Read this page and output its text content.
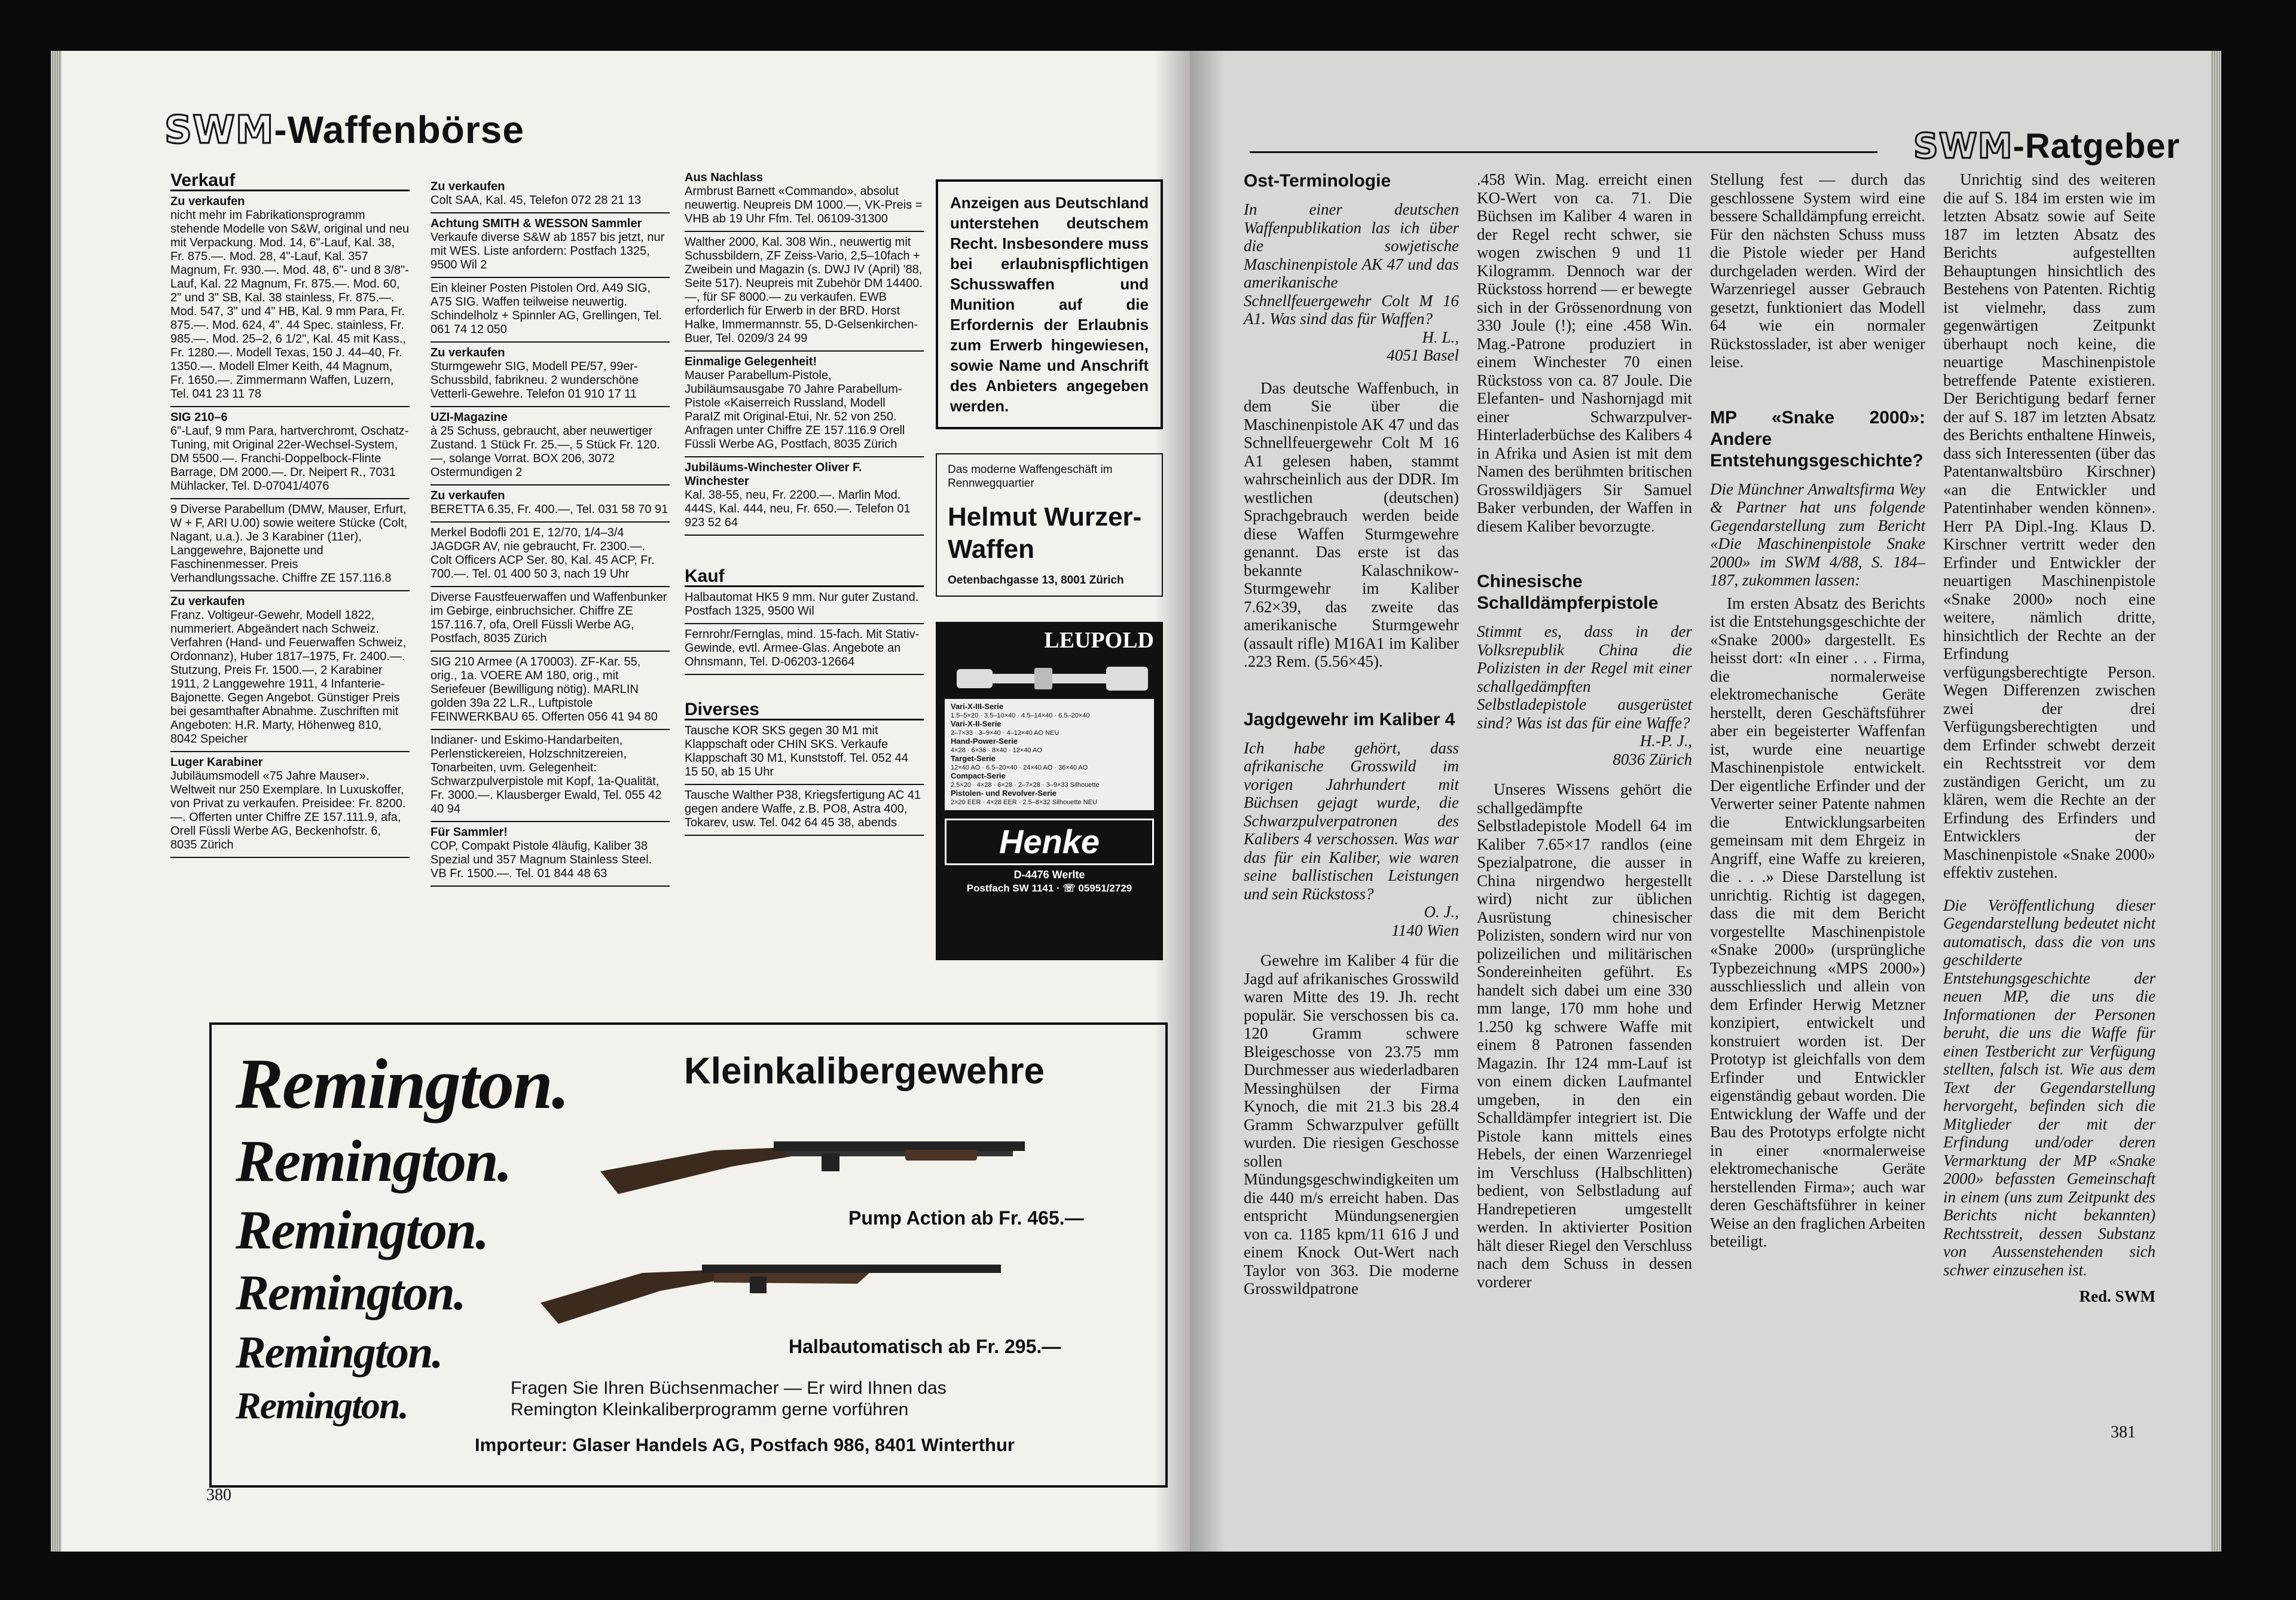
SWM-Waffenbörse
Verkauf
Zu verkaufen
nicht mehr im Fabrikationsprogramm stehende Modelle von S&W, original und neu mit Verpackung. Mod. 14, 6"-Lauf, Kal. 38, Fr. 875.—. Mod. 28, 4"-Lauf, Kal. 357 Magnum, Fr. 930.—. Mod. 48, 6"- und 8 3/8"-Lauf, Kal. 22 Magnum, Fr. 875.—. Mod. 60, 2" und 3" SB, Kal. 38 stainless, Fr. 875.—. Mod. 547, 3" und 4" HB, Kal. 9 mm Para, Fr. 875.—. Mod. 624, 4". 44 Spec. stainless, Fr. 985.—. Mod. 25–2, 6 1/2", Kal. 45 mit Kass., Fr. 1280.—. Modell Texas, 150 J. 44–40, Fr. 1350.—. Modell Elmer Keith, 44 Magnum, Fr. 1650.—. Zimmermann Waffen, Luzern, Tel. 041 23 11 78
SIG 210–6
6"-Lauf, 9 mm Para, hartverchromt, Oschatz-Tuning, mit Original 22er-Wechsel-System, DM 5500.—. Franchi-Doppelbock-Flinte Barrage, DM 2000.—. Dr. Neipert R., 7031 Mühlacker, Tel. D-07041/4076
9 Diverse Parabellum (DMW, Mauser, Erfurt, W + F, ARI U.00) sowie weitere Stücke (Colt, Nagant, u.a.). Je 3 Karabiner (11er), Langgewehre, Bajonette und Faschinenmesser. Preis Verhandlungssache. Chiffre ZE 157.116.8
Zu verkaufen
Franz. Voltigeur-Gewehr, Modell 1822, nummeriert. Abgeändert nach Schweiz. Verfahren (Hand- und Feuerwaffen Schweiz, Ordonnanz), Huber 1817–1975, Fr. 2400.—. Stutzung, Preis Fr. 1500.—, 2 Karabiner 1911, 2 Langgewehre 1911, 4 Infanterie-Bajonette. Gegen Angebot. Günstiger Preis bei gesamthafter Abnahme. Zuschriften mit Angeboten: H.R. Marty, Höhenweg 810, 8042 Speicher
Luger Karabiner
Jubiläumsmodell «75 Jahre Mauser». Weltweit nur 250 Exemplare. In Luxuskoffer, von Privat zu verkaufen. Preisidee: Fr. 8200.—. Offerten unter Chiffre ZE 157.111.9, afa, Orell Füssli Werbe AG, Beckenhofstr. 6, 8035 Zürich
Zu verkaufen
Colt SAA, Kal. 45, Telefon 072 28 21 13
Achtung SMITH & WESSON Sammler
Verkaufe diverse S&W ab 1857 bis jetzt, nur mit WES. Liste anfordern: Postfach 1325, 9500 Wil 2
Ein kleiner Posten Pistolen Ord. A49 SIG, A75 SIG. Waffen teilweise neuwertig. Schindelholz + Spinnler AG, Grellingen, Tel. 061 74 12 050
Zu verkaufen
Sturmgewehr SIG, Modell PE/57, 99er-Schussbild, fabrikneu. 2 wunderschöne Vetterli-Gewehre. Telefon 01 910 17 11
UZI-Magazine
à 25 Schuss, gebraucht, aber neuwertiger Zustand. 1 Stück Fr. 25.—, 5 Stück Fr. 120.—, solange Vorrat. BOX 206, 3072 Ostermundigen 2
Zu verkaufen
BERETTA 6.35, Fr. 400.—, Tel. 031 58 70 91
Merkel Bodofli 201 E, 12/70, 1/4–3/4 JAGDGR AV, nie gebraucht, Fr. 2300.—. Colt Officers ACP Ser. 80, Kal. 45 ACP, Fr. 700.—. Tel. 01 400 50 3, nach 19 Uhr
Diverse Faustfeuerwaffen und Waffenbunker im Gebirge, einbruchsicher. Chiffre ZE 157.116.7, ofa, Orell Füssli Werbe AG, Postfach, 8035 Zürich
SIG 210 Armee (A 170003). ZF-Kar. 55, orig., 1a. VOERE AM 180, orig., mit Seriefeuer (Bewilligung nötig). MARLIN golden 39a 22 L.R., Luftpistole FEINWERKBAU 65. Offerten 056 41 94 80
Indianer- und Eskimo-Handarbeiten, Perlenstickereien, Holzschnitzereien, Tonarbeiten, uvm. Gelegenheit: Schwarzpulverpistole mit Kopf, 1a-Qualität, Fr. 3000.—. Klausberger Ewald, Tel. 055 42 40 94
Für Sammler!
COP, Compakt Pistole 4läufig, Kaliber 38 Spezial und 357 Magnum Stainless Steel. VB Fr. 1500.—. Tel. 01 844 48 63
Aus Nachlass
Armbrust Barnett «Commando», absolut neuwertig. Neupreis DM 1000.—, VK-Preis = VHB ab 19 Uhr Ffm. Tel. 06109-31300
Walther 2000, Kal. 308 Win., neuwertig mit Schussbildern, ZF Zeiss-Vario, 2,5–10fach + Zweibein und Magazin (s. DWJ IV (April) '88, Seite 517). Neupreis mit Zubehör DM 14400.—, für SF 8000.— zu verkaufen. EWB erforderlich für Erwerb in der BRD. Horst Halke, Immermannstr. 55, D-Gelsenkirchen-Buer, Tel. 0209/3 24 99
Einmalige Gelegenheit!
Mauser Parabellum-Pistole, Jubiläumsausgabe 70 Jahre Parabellum-Pistole «Kaiserreich Russland, Modell ParaIZ mit Original-Etui, Nr. 52 von 250. Anfragen unter Chiffre ZE 157.116.9 Orell Füssli Werbe AG, Postfach, 8035 Zürich
Jubiläums-Winchester Oliver F. Winchester
Kal. 38-55, neu, Fr. 2200.—. Marlin Mod. 444S, Kal. 444, neu, Fr. 650.—. Telefon 01 923 52 64
Kauf
Halbautomat HK5 9 mm. Nur guter Zustand. Postfach 1325, 9500 Wil
Fernrohr/Fernglas, mind. 15-fach. Mit Stativ-Gewinde, evtl. Armee-Glas. Angebote an Ohnsmann, Tel. D-06203-12664
Diverses
Tausche KOR SKS gegen 30 M1 mit Klappschaft oder CHIN SKS. Verkaufe Klappschaft 30 M1, Kunststoff. Tel. 052 44 15 50, ab 15 Uhr
Tausche Walther P38, Kriegsfertigung AC 41 gegen andere Waffe, z.B. PO8, Astra 400, Tokarev, usw. Tel. 042 64 45 38, abends
Anzeigen aus Deutschland unterstehen deutschem Recht. Insbesondere muss bei erlaubnispflichtigen Schusswaffen und Munition auf die Erfordernis der Erlaubnis zum Erwerb hingewiesen, sowie Name und Anschrift des Anbieters angegeben werden.
Das moderne Waffengeschäft im Rennwegquartier
Helmut Wurzer-Waffen
Oetenbachgasse 13, 8001 Zürich
LEUPOLD
Vari-X-III-Serie
1.5–5×20 · 3.5–10×40 · 4.5–14×40 · 6.5–20×40
Vari-X-II-Serie
2–7×33 · 3–9×40 · 4–12×40 AO NEU
Hand-Power-Serie
4×28 · 6×36 · 8×40 · 12×40 AO
Target-Serie
12×40 AO · 6.5–20×40 · 24×40 AO · 36×40 AO
Compact-Serie
2.5×20 · 4×28 · 6×28 · 2–7×28 · 3–9×33 Silhouette
Pistolen- und Revolver-Serie
2×20 EER · 4×28 EER · 2.5–8×32 Silhouette NEU
Henke
D-4476 Werlte
Postfach SW 1141 · ☏ 05951/2729
Remington.
Remington.
Remington.
Remington.
Remington.
Remington.
Kleinkalibergewehre
Pump Action ab Fr. 465.—
Halbautomatisch ab Fr. 295.—
Fragen Sie Ihren Büchsenmacher — Er wird Ihnen das
Remington Kleinkaliberprogramm gerne vorführen
Importeur: Glaser Handels AG, Postfach 986, 8401 Winterthur
380
SWM-Ratgeber
Ost-Terminologie
In einer deutschen Waffenpublikation las ich über die sowjetische Maschinenpistole AK 47 und das amerikanische Schnellfeuergewehr Colt M 16 A1. Was sind das für Waffen?
H. L.,
4051 Basel
Das deutsche Waffenbuch, in dem Sie über die Maschinenpistole AK 47 und das Schnellfeuergewehr Colt M 16 A1 gelesen haben, stammt wahrscheinlich aus der DDR. Im westlichen (deutschen) Sprachgebrauch werden beide diese Waffen Sturmgewehre genannt. Das erste ist das bekannte Kalaschnikow-Sturmgewehr im Kaliber 7.62×39, das zweite das amerikanische Sturmgewehr (assault rifle) M16A1 im Kaliber .223 Rem. (5.56×45).
Jagdgewehr im Kaliber 4
Ich habe gehört, dass afrikanische Grosswild im vorigen Jahrhundert mit Büchsen gejagt wurde, die Schwarzpulverpatronen des Kalibers 4 verschossen. Was war das für ein Kaliber, wie waren seine ballistischen Leistungen und sein Rückstoss?
O. J.,
1140 Wien
Gewehre im Kaliber 4 für die Jagd auf afrikanisches Grosswild waren Mitte des 19. Jh. recht populär. Sie verschossen bis ca. 120 Gramm schwere Bleigeschosse von 23.75 mm Durchmesser aus wiederladbaren Messinghülsen der Firma Kynoch, die mit 21.3 bis 28.4 Gramm Schwarzpulver gefüllt wurden. Die riesigen Geschosse sollen Mündungsgeschwindigkeiten um die 440 m/s erreicht haben. Das entspricht Mündungsenergien von ca. 1185 kpm/11 616 J und einem Knock Out-Wert nach Taylor von 363. Die moderne Grosswildpatrone
.458 Win. Mag. erreicht einen KO-Wert von ca. 71. Die Büchsen im Kaliber 4 waren in der Regel recht schwer, sie wogen zwischen 9 und 11 Kilogramm. Dennoch war der Rückstoss horrend — er bewegte sich in der Grössenordnung von 330 Joule (!); eine .458 Win. Mag.-Patrone produziert in einem Winchester 70 einen Rückstoss von ca. 87 Joule. Die Elefanten- und Nashornjagd mit einer Schwarzpulver-Hinterladerbüchse des Kalibers 4 in Afrika und Asien ist mit dem Namen des berühmten britischen Grosswildjägers Sir Samuel Baker verbunden, der Waffen in diesem Kaliber bevorzugte.
Chinesische Schalldämpferpistole
Stimmt es, dass in der Volksrepublik China die Polizisten in der Regel mit einer schallgedämpften Selbstladepistole ausgerüstet sind? Was ist das für eine Waffe?
H.-P. J.,
8036 Zürich
Unseres Wissens gehört die schallgedämpfte Selbstladepistole Modell 64 im Kaliber 7.65×17 randlos (eine Spezialpatrone, die ausser in China nirgendwo hergestellt wird) nicht zur üblichen Ausrüstung chinesischer Polizisten, sondern wird nur von polizeilichen und militärischen Sondereinheiten geführt. Es handelt sich dabei um eine 330 mm lange, 170 mm hohe und 1.250 kg schwere Waffe mit einem 8 Patronen fassenden Magazin. Ihr 124 mm-Lauf ist von einem dicken Laufmantel umgeben, in den ein Schalldämpfer integriert ist. Die Pistole kann mittels eines Hebels, der einen Warzenriegel im Verschluss (Halbschlitten) bedient, von Selbstladung auf Handrepetieren umgestellt werden. In aktivierter Position hält dieser Riegel den Verschluss nach dem Schuss in dessen vorderer
Stellung fest — durch das geschlossene System wird eine bessere Schalldämpfung erreicht. Für den nächsten Schuss muss die Pistole wieder per Hand durchgeladen werden. Wird der Warzenriegel ausser Gebrauch gesetzt, funktioniert das Modell 64 wie ein normaler Rückstosslader, ist aber weniger leise.
MP «Snake 2000»: Andere Entstehungsgeschichte?
Die Münchner Anwaltsfirma Wey & Partner hat uns folgende Gegendarstellung zum Bericht «Die Maschinenpistole Snake 2000» im SWM 4/88, S. 184–187, zukommen lassen:
Im ersten Absatz des Berichts ist die Entstehungsgeschichte der «Snake 2000» dargestellt. Es heisst dort: «In einer . . . Firma, die normalerweise elektromechanische Geräte herstellt, deren Geschäftsführer aber ein begeisterter Waffenfan ist, wurde eine neuartige Maschinenpistole entwickelt. Der eigentliche Erfinder und der Verwerter seiner Patente nahmen die Entwicklungsarbeiten gemeinsam mit dem Ehrgeiz in Angriff, eine Waffe zu kreieren, die . . .» Diese Darstellung ist unrichtig. Richtig ist dagegen, dass die mit dem Bericht vorgestellte Maschinenpistole «Snake 2000» (ursprüngliche Typbezeichnung «MPS 2000») ausschliesslich und allein von dem Erfinder Herwig Metzner konzipiert, entwickelt und konstruiert worden ist. Der Prototyp ist gleichfalls von dem Erfinder und Entwickler eigenständig gebaut worden. Die Entwicklung der Waffe und der Bau des Prototyps erfolgte nicht in einer «normalerweise elektromechanische Geräte herstellenden Firma»; auch war deren Geschäftsführer in keiner Weise an den fraglichen Arbeiten beteiligt.
Unrichtig sind des weiteren die auf S. 184 im ersten wie im letzten Absatz sowie auf Seite 187 im letzten Absatz des Berichts aufgestellten Behauptungen hinsichtlich des Bestehens von Patenten. Richtig ist vielmehr, dass zum gegenwärtigen Zeitpunkt überhaupt noch keine, die neuartige Maschinenpistole betreffende Patente existieren. Der Berichtigung bedarf ferner der auf S. 187 im letzten Absatz des Berichts enthaltene Hinweis, dass sich Interessenten (über das Patentanwaltsbüro Kirschner) «an die Entwickler und Patentinhaber wenden können». Herr PA Dipl.-Ing. Klaus D. Kirschner vertritt weder den Erfinder und Entwickler der neuartigen Maschinenpistole «Snake 2000» noch eine weitere, nämlich dritte, hinsichtlich der Rechte an der Erfindung verfügungsberechtigte Person. Wegen Differenzen zwischen zwei der drei Verfügungsberechtigten und dem Erfinder schwebt derzeit ein Rechtsstreit vor dem zuständigen Gericht, um zu klären, wem die Rechte an der Erfindung des Erfinders und Entwicklers der Maschinenpistole «Snake 2000» effektiv zustehen.
Die Veröffentlichung dieser Gegendarstellung bedeutet nicht automatisch, dass die von uns geschilderte Entstehungsgeschichte der neuen MP, die uns die Informationen der Personen beruht, die uns die Waffe für einen Testbericht zur Verfügung stellten, falsch ist. Wie aus dem Text der Gegendarstellung hervorgeht, befinden sich die Mitglieder der mit der Erfindung und/oder deren Vermarktung der MP «Snake 2000» befassten Gemeinschaft in einem (uns zum Zeitpunkt des Berichts nicht bekannten) Rechtsstreit, dessen Substanz von Aussenstehenden sich schwer einzusehen ist.
Red. SWM
381
